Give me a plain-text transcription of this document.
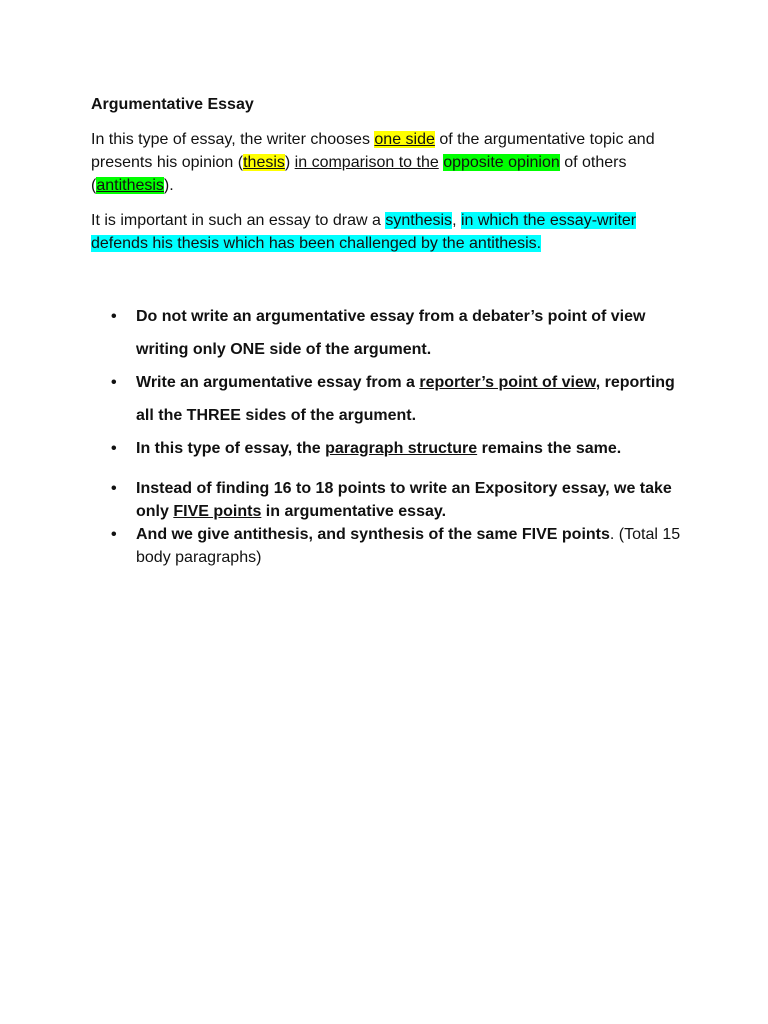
Argumentative Essay

In this type of essay, the writer chooses one side of the argumentative topic and presents his opinion (thesis) in comparison to the opposite opinion of others (antithesis).

It is important in such an essay to draw a synthesis, in which the essay-writer defends his thesis which has been challenged by the antithesis.

• Do not write an argumentative essay from a debater’s point of view writing only ONE side of the argument.
• Write an argumentative essay from a reporter’s point of view, reporting all the THREE sides of the argument.
• In this type of essay, the paragraph structure remains the same.
• Instead of finding 16 to 18 points to write an Expository essay, we take only FIVE points in argumentative essay.
• And we give antithesis, and synthesis of the same FIVE points. (Total 15 body paragraphs)
